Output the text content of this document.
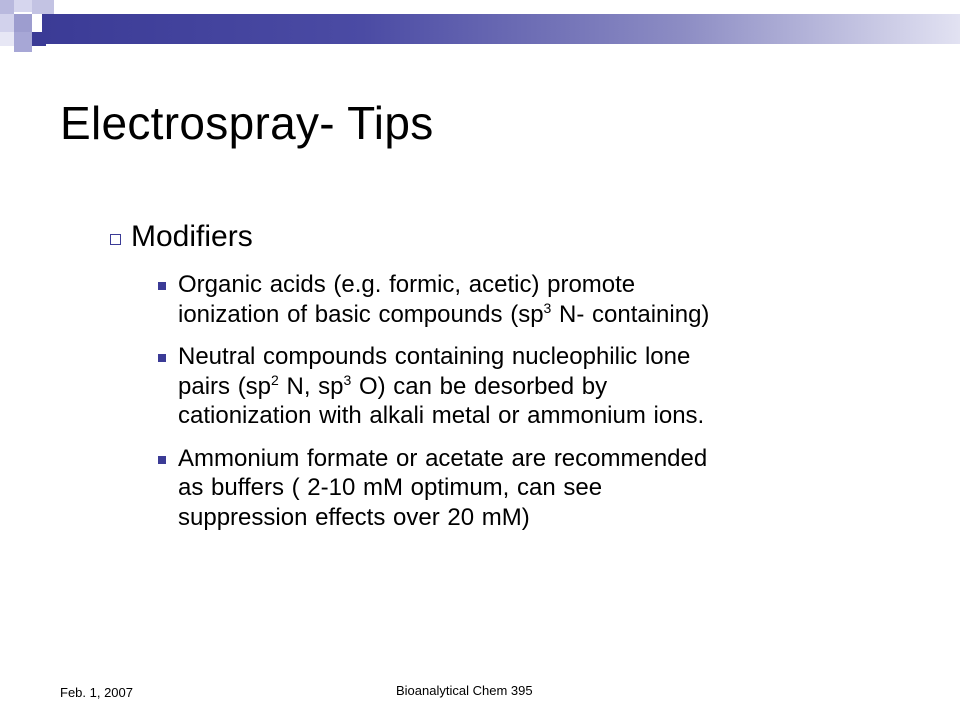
Electrospray- Tips
Modifiers
Organic acids (e.g. formic, acetic) promote
ionization of basic compounds ($sp^3$ N- containing)
Neutral compounds containing nucleophilic lone
pairs ($sp^2$ N, $sp^3$ O) can be desorbed by
cationization with alkali metal or ammonium ions.
Ammonium formate or acetate are recommended
as buffers ( 2-10 mM optimum, can see
suppression effects over 20 mM)
Feb. 1, 2007	Bioanalytical Chem 395
